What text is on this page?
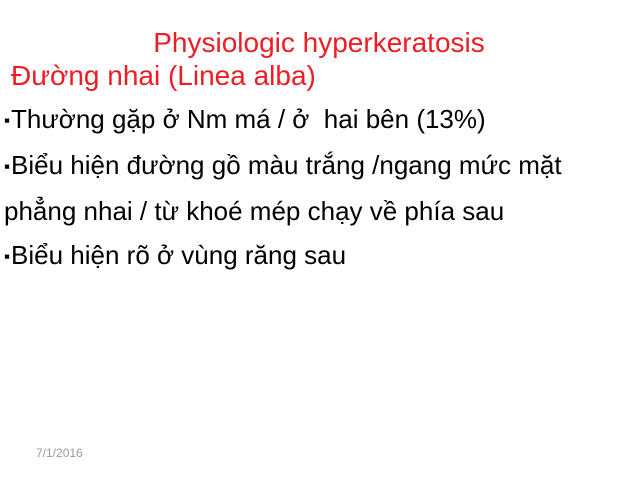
Physiologic hyperkeratosis
Đường nhai (Linea alba)
▪Thường gặp ở Nm má / ở  hai bên (13%)
▪Biểu hiện đường gồ màu trắng /ngang mức mặt
phẳng nhai / từ khoé mép chạy về phía sau
▪Biểu hiện rõ ở vùng răng sau
7/1/2016
